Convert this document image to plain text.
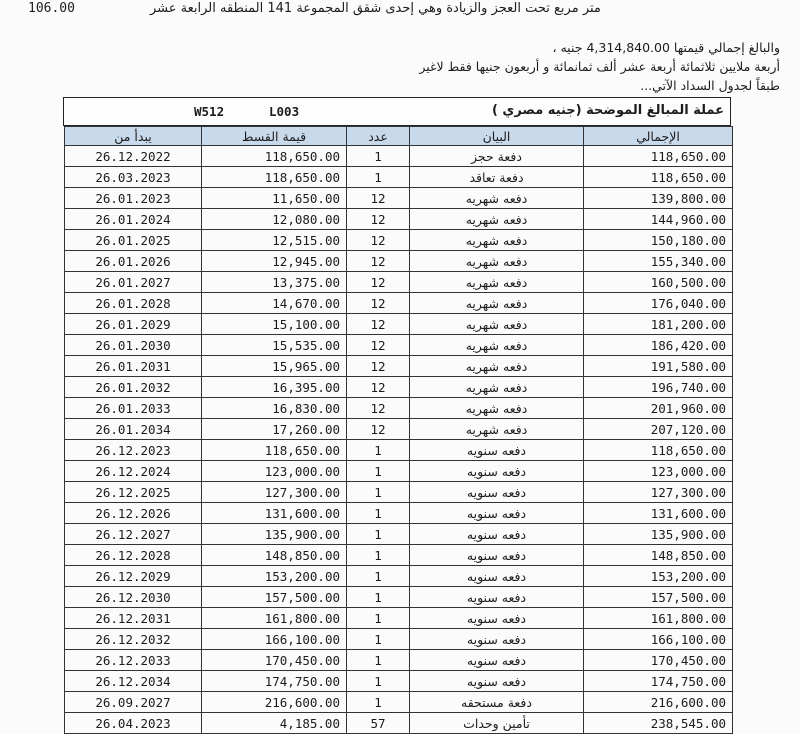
106.00	متر مربع تحت العجز والزيادة وهي إحدى شقق المجموعة 141 المنطقه الرابعة عشر
والبالغ إجمالي قيمتها 4,314,840.00 جنيه ،
أربعة ملايين ثلاثمائة أربعة عشر ألف ثمانمائة و أربعون جنيها فقط لاغير
طبقاً لجدول السداد الآتي...
W512	L003	عملة المبالغ الموضحة (جنيه مصري )
يبدأ من	قيمة القسط	عدد	البيان	الإجمالي
26.12.2022	118,650.00	1	دفعة حجز	118,650.00
26.03.2023	118,650.00	1	دفعة تعاقد	118,650.00
26.01.2023	11,650.00	12	دفعه شهريه	139,800.00
26.01.2024	12,080.00	12	دفعه شهريه	144,960.00
26.01.2025	12,515.00	12	دفعه شهريه	150,180.00
26.01.2026	12,945.00	12	دفعه شهريه	155,340.00
26.01.2027	13,375.00	12	دفعه شهريه	160,500.00
26.01.2028	14,670.00	12	دفعه شهريه	176,040.00
26.01.2029	15,100.00	12	دفعه شهريه	181,200.00
26.01.2030	15,535.00	12	دفعه شهريه	186,420.00
26.01.2031	15,965.00	12	دفعه شهريه	191,580.00
26.01.2032	16,395.00	12	دفعه شهريه	196,740.00
26.01.2033	16,830.00	12	دفعه شهريه	201,960.00
26.01.2034	17,260.00	12	دفعه شهريه	207,120.00
26.12.2023	118,650.00	1	دفعه سنويه	118,650.00
26.12.2024	123,000.00	1	دفعه سنويه	123,000.00
26.12.2025	127,300.00	1	دفعه سنويه	127,300.00
26.12.2026	131,600.00	1	دفعه سنويه	131,600.00
26.12.2027	135,900.00	1	دفعه سنويه	135,900.00
26.12.2028	148,850.00	1	دفعه سنويه	148,850.00
26.12.2029	153,200.00	1	دفعه سنويه	153,200.00
26.12.2030	157,500.00	1	دفعه سنويه	157,500.00
26.12.2031	161,800.00	1	دفعه سنويه	161,800.00
26.12.2032	166,100.00	1	دفعه سنويه	166,100.00
26.12.2033	170,450.00	1	دفعه سنويه	170,450.00
26.12.2034	174,750.00	1	دفعه سنويه	174,750.00
26.09.2027	216,600.00	1	دفعة مستحقه	216,600.00
26.04.2023	4,185.00	57	تأمين وحدات	238,545.00
